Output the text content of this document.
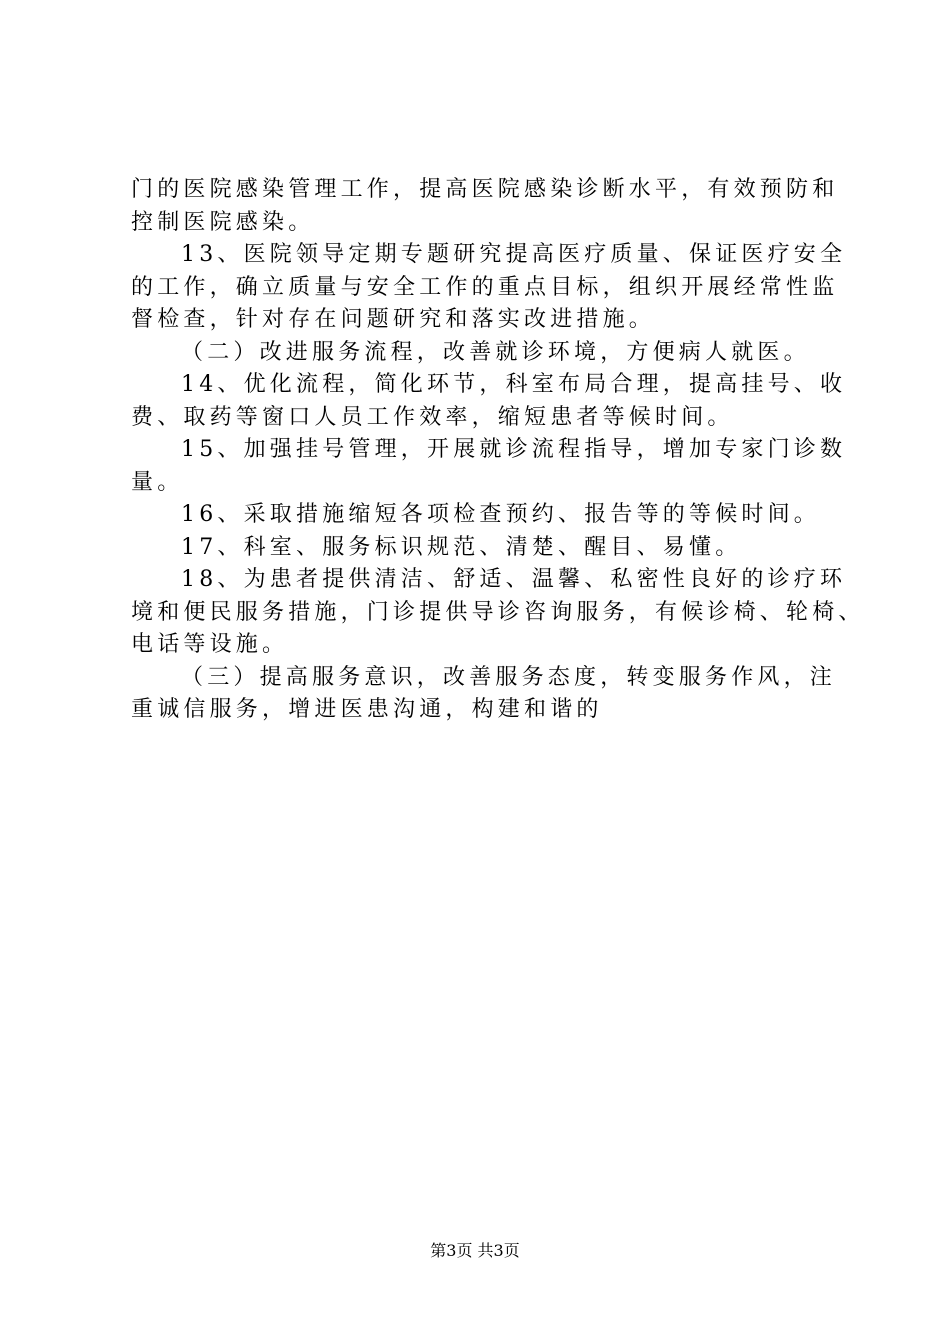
门的医院感染管理工作，提高医院感染诊断水平，有效预防和
控制医院感染。
13、医院领导定期专题研究提高医疗质量、保证医疗安全
的工作，确立质量与安全工作的重点目标，组织开展经常性监
督检查，针对存在问题研究和落实改进措施。
（二）改进服务流程，改善就诊环境，方便病人就医。
14、优化流程，简化环节，科室布局合理，提高挂号、收
费、取药等窗口人员工作效率，缩短患者等候时间。
15、加强挂号管理，开展就诊流程指导，增加专家门诊数
量。
16、采取措施缩短各项检查预约、报告等的等候时间。
17、科室、服务标识规范、清楚、醒目、易懂。
18、为患者提供清洁、舒适、温馨、私密性良好的诊疗环
境和便民服务措施，门诊提供导诊咨询服务，有候诊椅、轮椅、
电话等设施。
（三）提高服务意识，改善服务态度，转变服务作风，注
重诚信服务，增进医患沟通，构建和谐的
第3页 共3页
